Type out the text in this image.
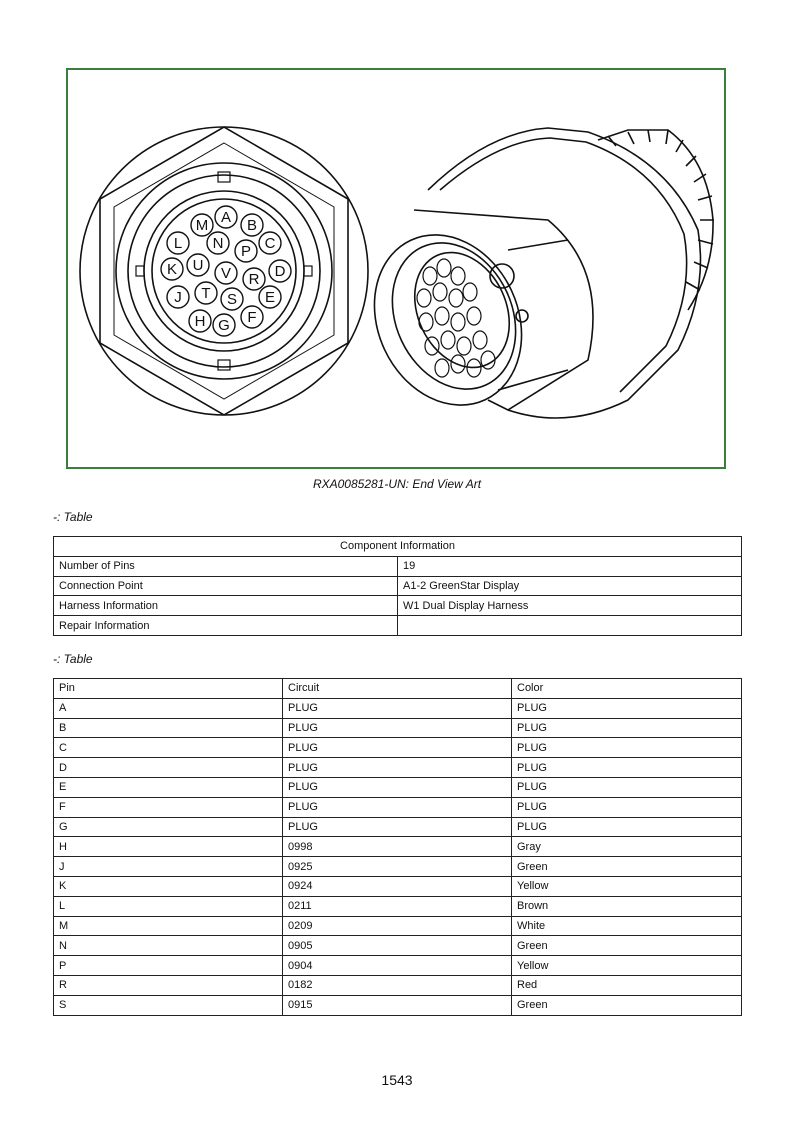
A B
C
D
E
F
G
H
J
K
L
M
N P
R
S
T
U V
RXA0085281-UN: End View Art
-: Table
Component Information	
Number of Pins	19
Connection Point	A1-2 GreenStar Display
Harness Information	W1 Dual Display Harness
Repair Information	
-: Table
Pin	Circuit	Color
A	PLUG	PLUG
B	PLUG	PLUG
C	PLUG	PLUG
D	PLUG	PLUG
E	PLUG	PLUG
F	PLUG	PLUG
G	PLUG	PLUG
H	0998	Gray
J	0925	Green
K	0924	Yellow
L	0211	Brown
M	0209	White
N	0905	Green
P	0904	Yellow
R	0182	Red
S	0915	Green
1543
